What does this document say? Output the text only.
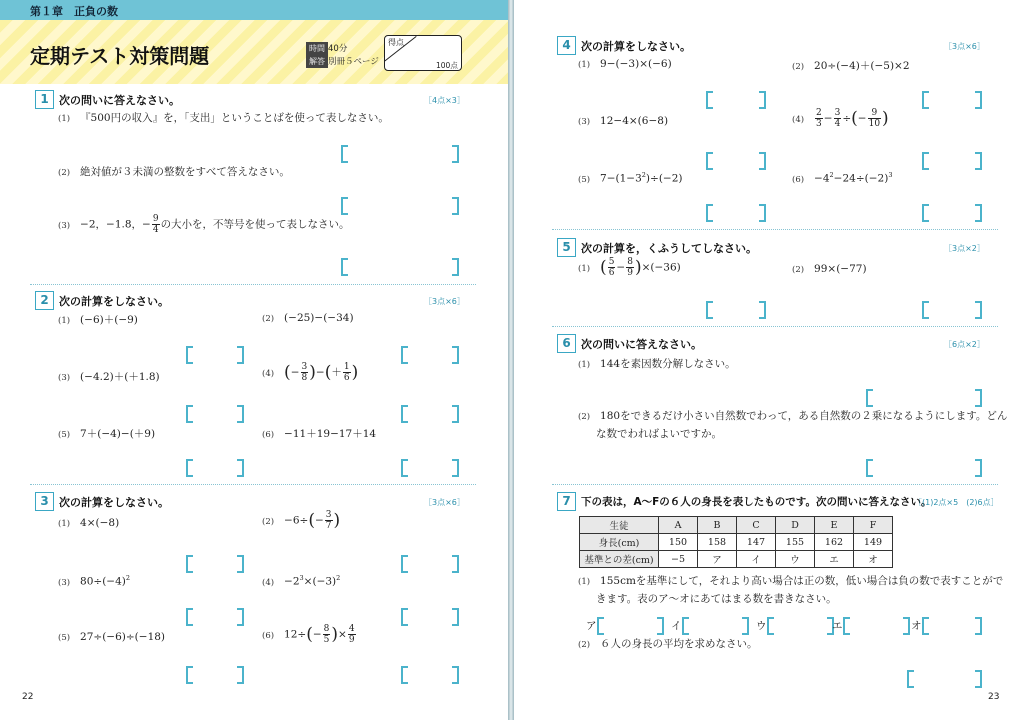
第１章　正負の数
定期テスト対策問題	時間 40分
解答 別冊５ページ
得点
100点
1 次の問いに答えなさい。	［4点×3］
(1) 『500円の収入』を，「支出」ということばを使って表しなさい。
(2) 絶対値が３未満の整数をすべて答えなさい。
(3) −2，−1.8，− $\frac{9}{4}$ の大小を，不等号を使って表しなさい。
2 次の計算をしなさい。	［3点×6］
(1) (−6)＋(−9)	(2) (−25)−(−34)
(3) (−4.2)＋(＋1.8)	(4) (− $\frac{3}{8}$ )−(＋ $\frac{1}{6}$ )
(5) 7＋(−4)−(＋9)	(6) −11＋19−17＋14
3 次の計算をしなさい。	［3点×6］
(1) 4×(−8)	$(2) -6\div(- \frac{3}{7}$ )
(3) $80\div(-4)^2$	$(4) -2^3\times(-3)^2$
(5) 27÷(−6)÷(−18)	(6) $12\div(- \frac{8}{5}$ )× $\frac{4}{9}$
22
4 次の計算をしなさい。	［3点×6］
(1) 9−(−3)×(−6)	(2) 20÷(−4)＋(−5)×2
(3) 12−4×(6−8)	$(4) \frac{2}{3} - \frac{3}{4}$ ÷(− $\frac{9}{10}$ )
(5) $7-(1-3^2)\div(-2)$	$(6) -4^2-24\div(-2)^3$
5 次の計算を，くふうしてしなさい。	［3点×2］
(1) ( $\frac{5}{6} - \frac{8}{9} )\times(-36)$	(2) 99×(−77)
6 次の問いに答えなさい。	［6点×2］
(1) 144を素因数分解しなさい。
(2) 180をできるだけ小さい自然数でわって，ある自然数の２乗になるようにします。どん
な数でわればよいですか。
7 下の表は，A～Fの６人の身長を表したものです。次の問いに答えなさい。
［(1)2点×5　(2)6点］
(1) 155cmを基準にして，それより高い場合は正の数，低い場合は負の数で表すことがで
きます。表のア～オにあてはまる数を書きなさい。
ア	イ	ウ	エ	オ
(2) ６人の身長の平均を求めなさい。
23
生徒	A	B	C	D	E	F
身長(cm)	150	158	147	155	162	149
基準との差(cm)	−5	ア	イ	ウ	エ	オ
